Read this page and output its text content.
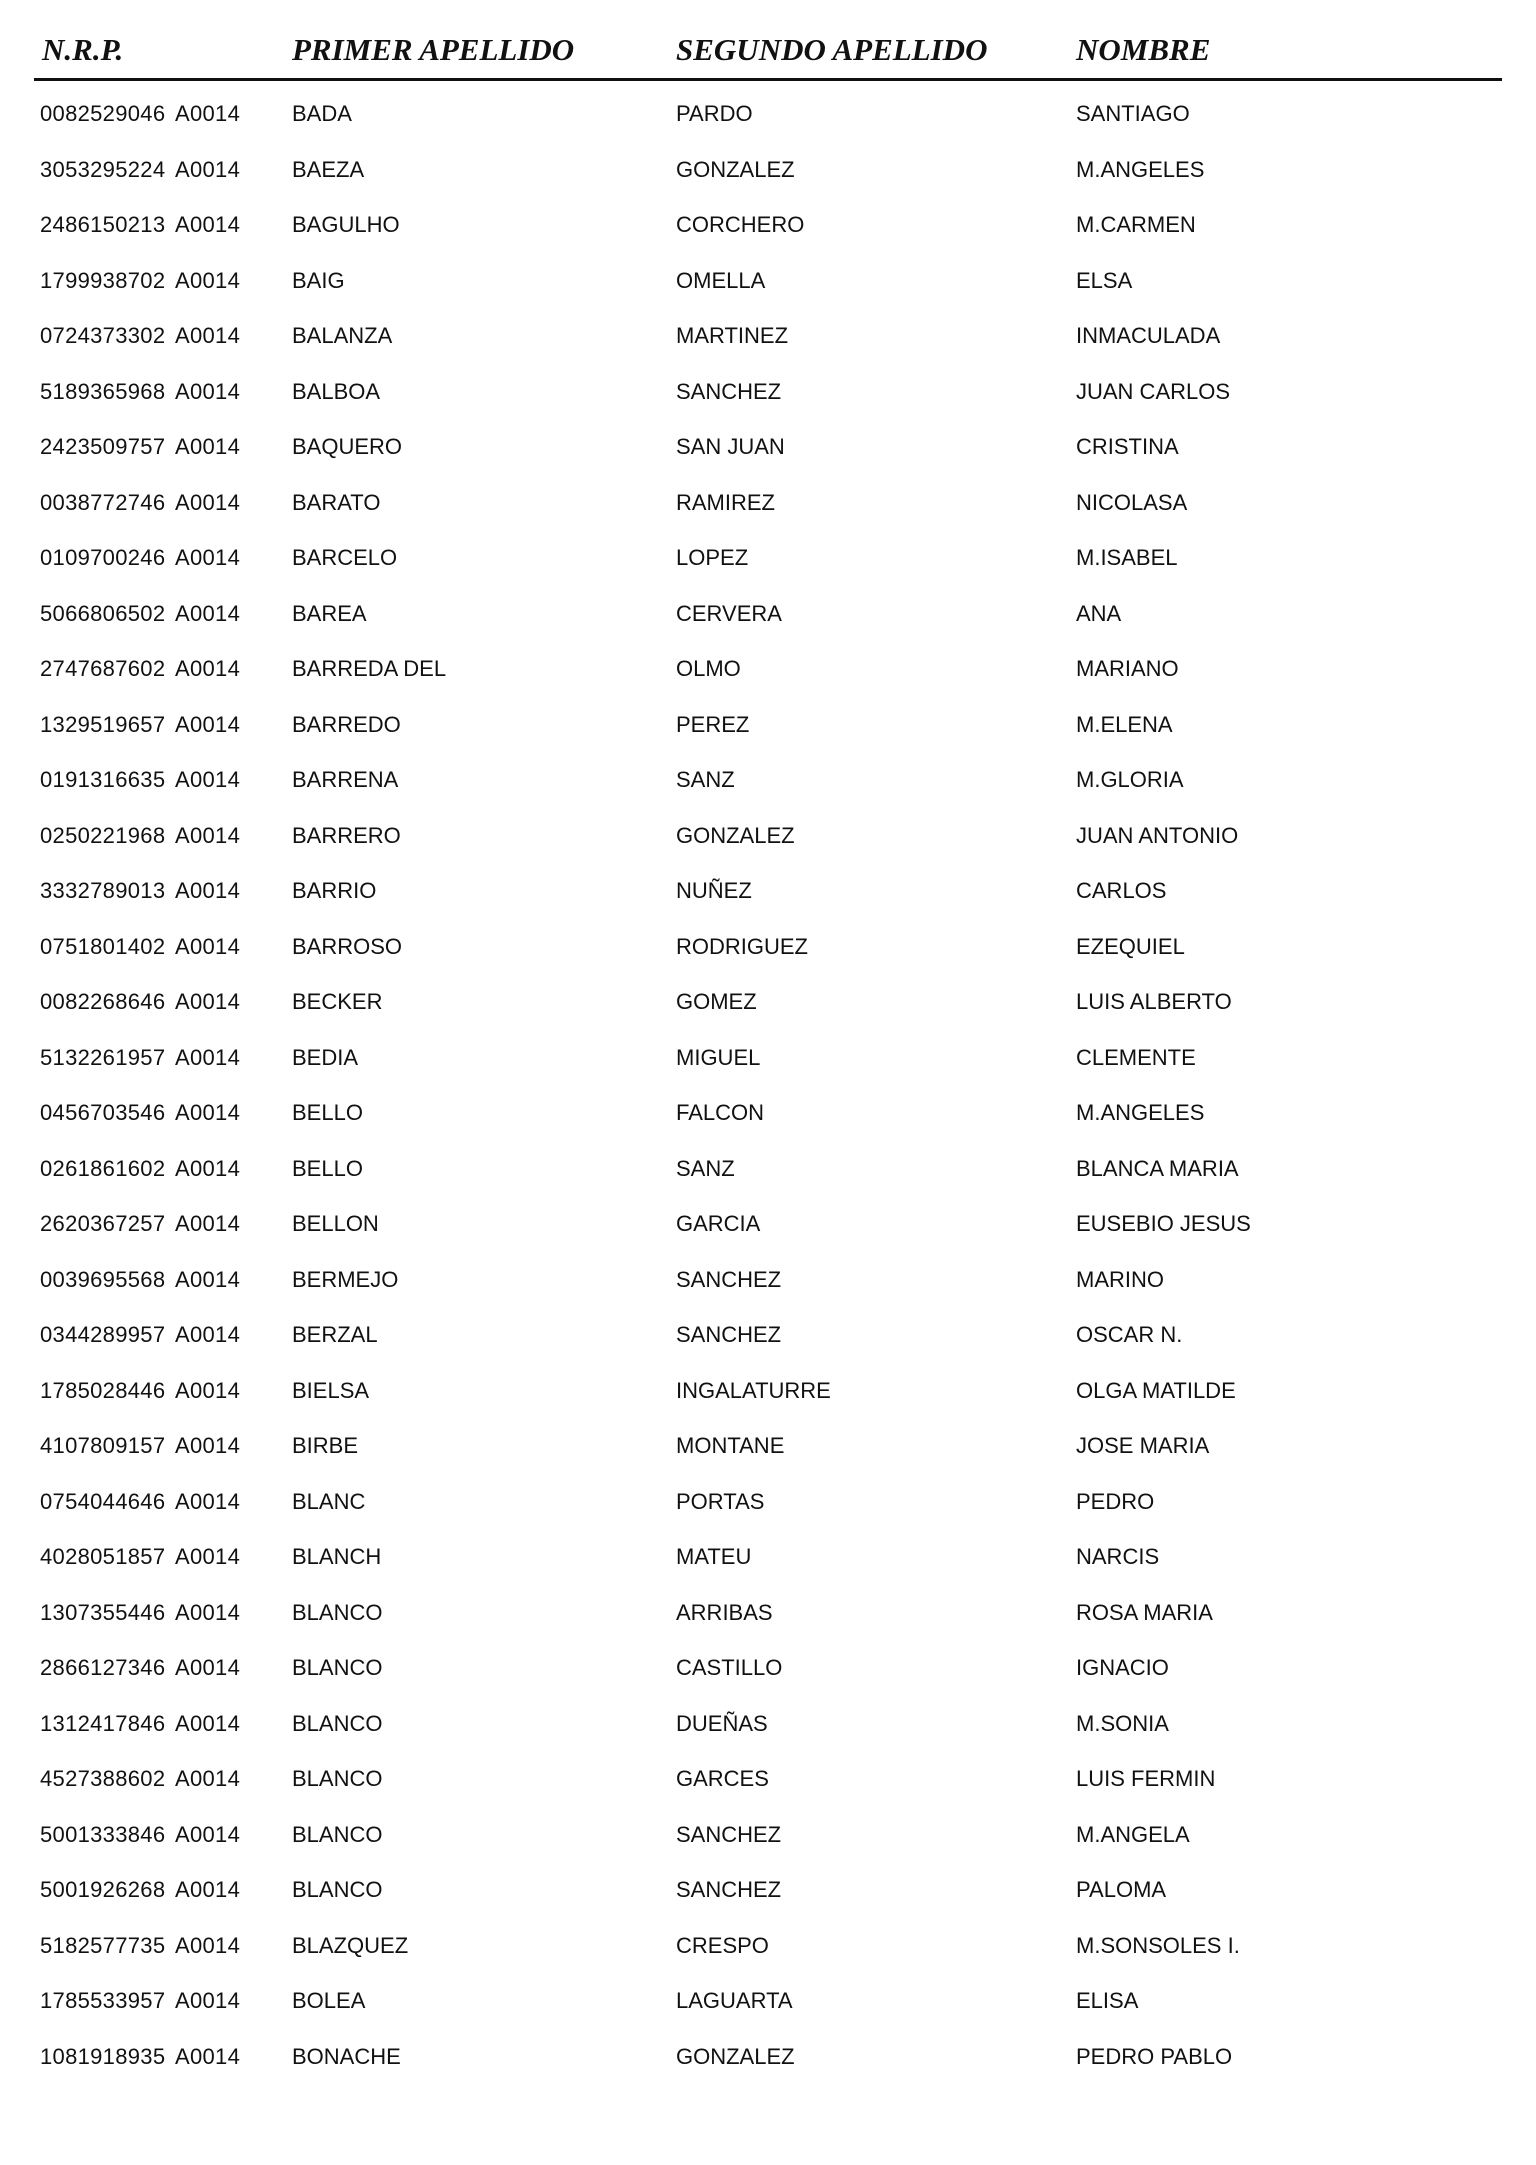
N.R.P.	PRIMER APELLIDO	SEGUNDO APELLIDO	NOMBRE
0082529046 A0014 BADA	PARDO	SANTIAGO
3053295224 A0014 BAEZA	GONZALEZ	M.ANGELES
2486150213 A0014 BAGULHO	CORCHERO	M.CARMEN
1799938702 A0014 BAIG	OMELLA	ELSA
0724373302 A0014 BALANZA	MARTINEZ	INMACULADA
5189365968 A0014 BALBOA	SANCHEZ	JUAN CARLOS
2423509757 A0014 BAQUERO	SAN JUAN	CRISTINA
0038772746 A0014 BARATO	RAMIREZ	NICOLASA
0109700246 A0014 BARCELO	LOPEZ	M.ISABEL
5066806502 A0014 BAREA	CERVERA	ANA
2747687602 A0014 BARREDA DEL	OLMO	MARIANO
1329519657 A0014 BARREDO	PEREZ	M.ELENA
0191316635 A0014 BARRENA	SANZ	M.GLORIA
0250221968 A0014 BARRERO	GONZALEZ	JUAN ANTONIO
3332789013 A0014 BARRIO	NUÑEZ	CARLOS
0751801402 A0014 BARROSO	RODRIGUEZ	EZEQUIEL
0082268646 A0014 BECKER	GOMEZ	LUIS ALBERTO
5132261957 A0014 BEDIA	MIGUEL	CLEMENTE
0456703546 A0014 BELLO	FALCON	M.ANGELES
0261861602 A0014 BELLO	SANZ	BLANCA MARIA
2620367257 A0014 BELLON	GARCIA	EUSEBIO JESUS
0039695568 A0014 BERMEJO	SANCHEZ	MARINO
0344289957 A0014 BERZAL	SANCHEZ	OSCAR N.
1785028446 A0014 BIELSA	INGALATURRE	OLGA MATILDE
4107809157 A0014 BIRBE	MONTANE	JOSE MARIA
0754044646 A0014 BLANC	PORTAS	PEDRO
4028051857 A0014 BLANCH	MATEU	NARCIS
1307355446 A0014 BLANCO	ARRIBAS	ROSA MARIA
2866127346 A0014 BLANCO	CASTILLO	IGNACIO
1312417846 A0014 BLANCO	DUEÑAS	M.SONIA
4527388602 A0014 BLANCO	GARCES	LUIS FERMIN
5001333846 A0014 BLANCO	SANCHEZ	M.ANGELA
5001926268 A0014 BLANCO	SANCHEZ	PALOMA
5182577735 A0014 BLAZQUEZ	CRESPO	M.SONSOLES I.
1785533957 A0014 BOLEA	LAGUARTA	ELISA
1081918935 A0014 BONACHE	GONZALEZ	PEDRO PABLO
